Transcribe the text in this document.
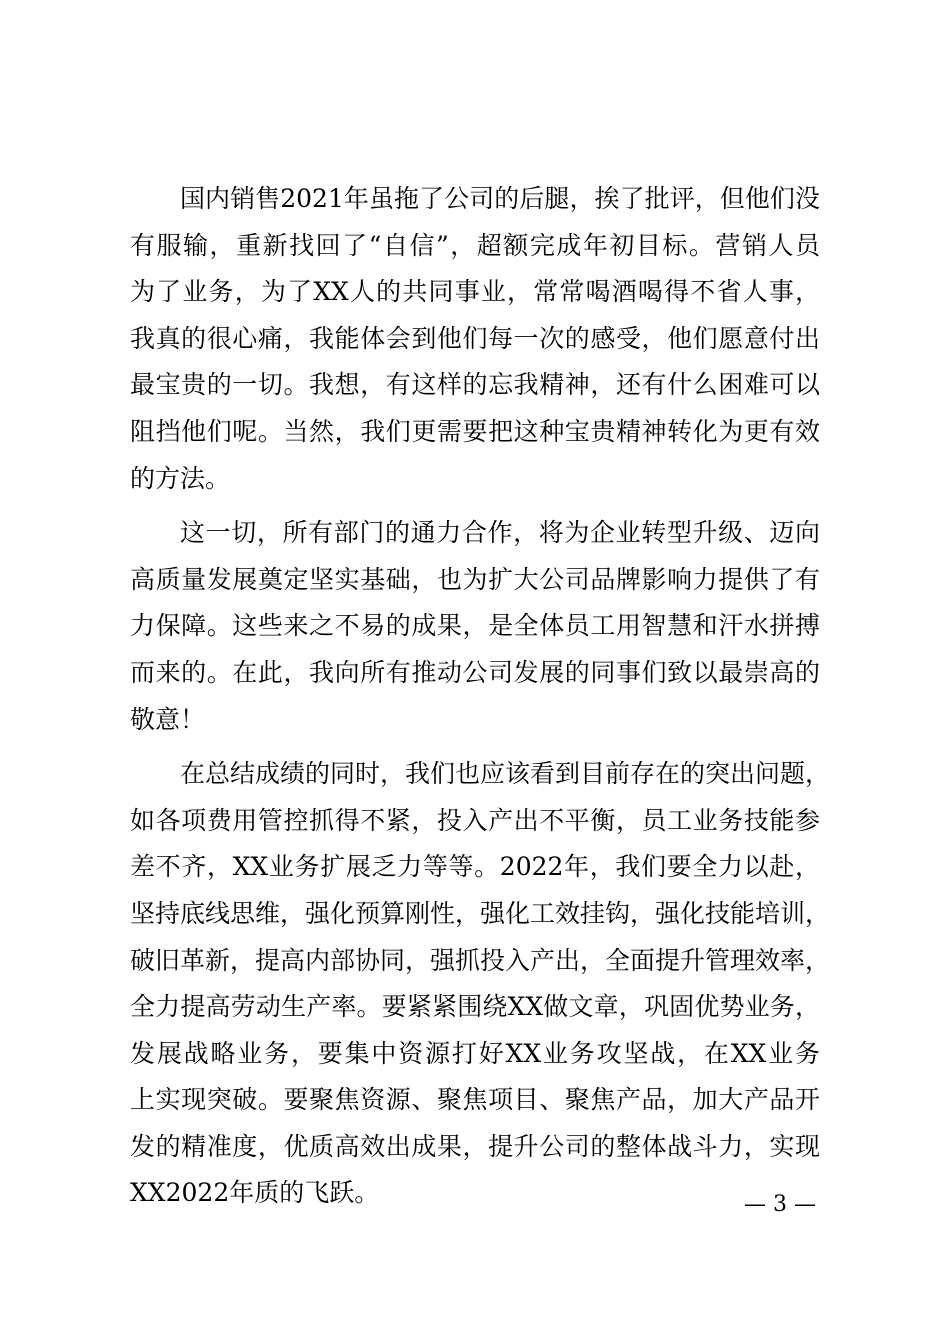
国内销售2021年虽拖了公司的后腿，挨了批评，但他们没
有服输，重新找回了“自信”，超额完成年初目标。营销人员
为了业务，为了XX人的共同事业，常常喝酒喝得不省人事，
我真的很心痛，我能体会到他们每一次的感受，他们愿意付出
最宝贵的一切。我想，有这样的忘我精神，还有什么困难可以
阻挡他们呢。当然，我们更需要把这种宝贵精神转化为更有效
的方法。
这一切，所有部门的通力合作，将为企业转型升级、迈向
高质量发展奠定坚实基础，也为扩大公司品牌影响力提供了有
力保障。这些来之不易的成果，是全体员工用智慧和汗水拼搏
而来的。在此，我向所有推动公司发展的同事们致以最崇高的
敬意！
在总结成绩的同时，我们也应该看到目前存在的突出问题，
如各项费用管控抓得不紧，投入产出不平衡，员工业务技能参
差不齐，XX业务扩展乏力等等。2022年，我们要全力以赴，
坚持底线思维，强化预算刚性，强化工效挂钩，强化技能培训，
破旧革新，提高内部协同，强抓投入产出，全面提升管理效率，
全力提高劳动生产率。要紧紧围绕XX做文章，巩固优势业务，
发展战略业务，要集中资源打好XX业务攻坚战，在XX业务
上实现突破。要聚焦资源、聚焦项目、聚焦产品，加大产品开
发的精准度，优质高效出成果，提升公司的整体战斗力，实现
XX2022年质的飞跃。	— 3 —
